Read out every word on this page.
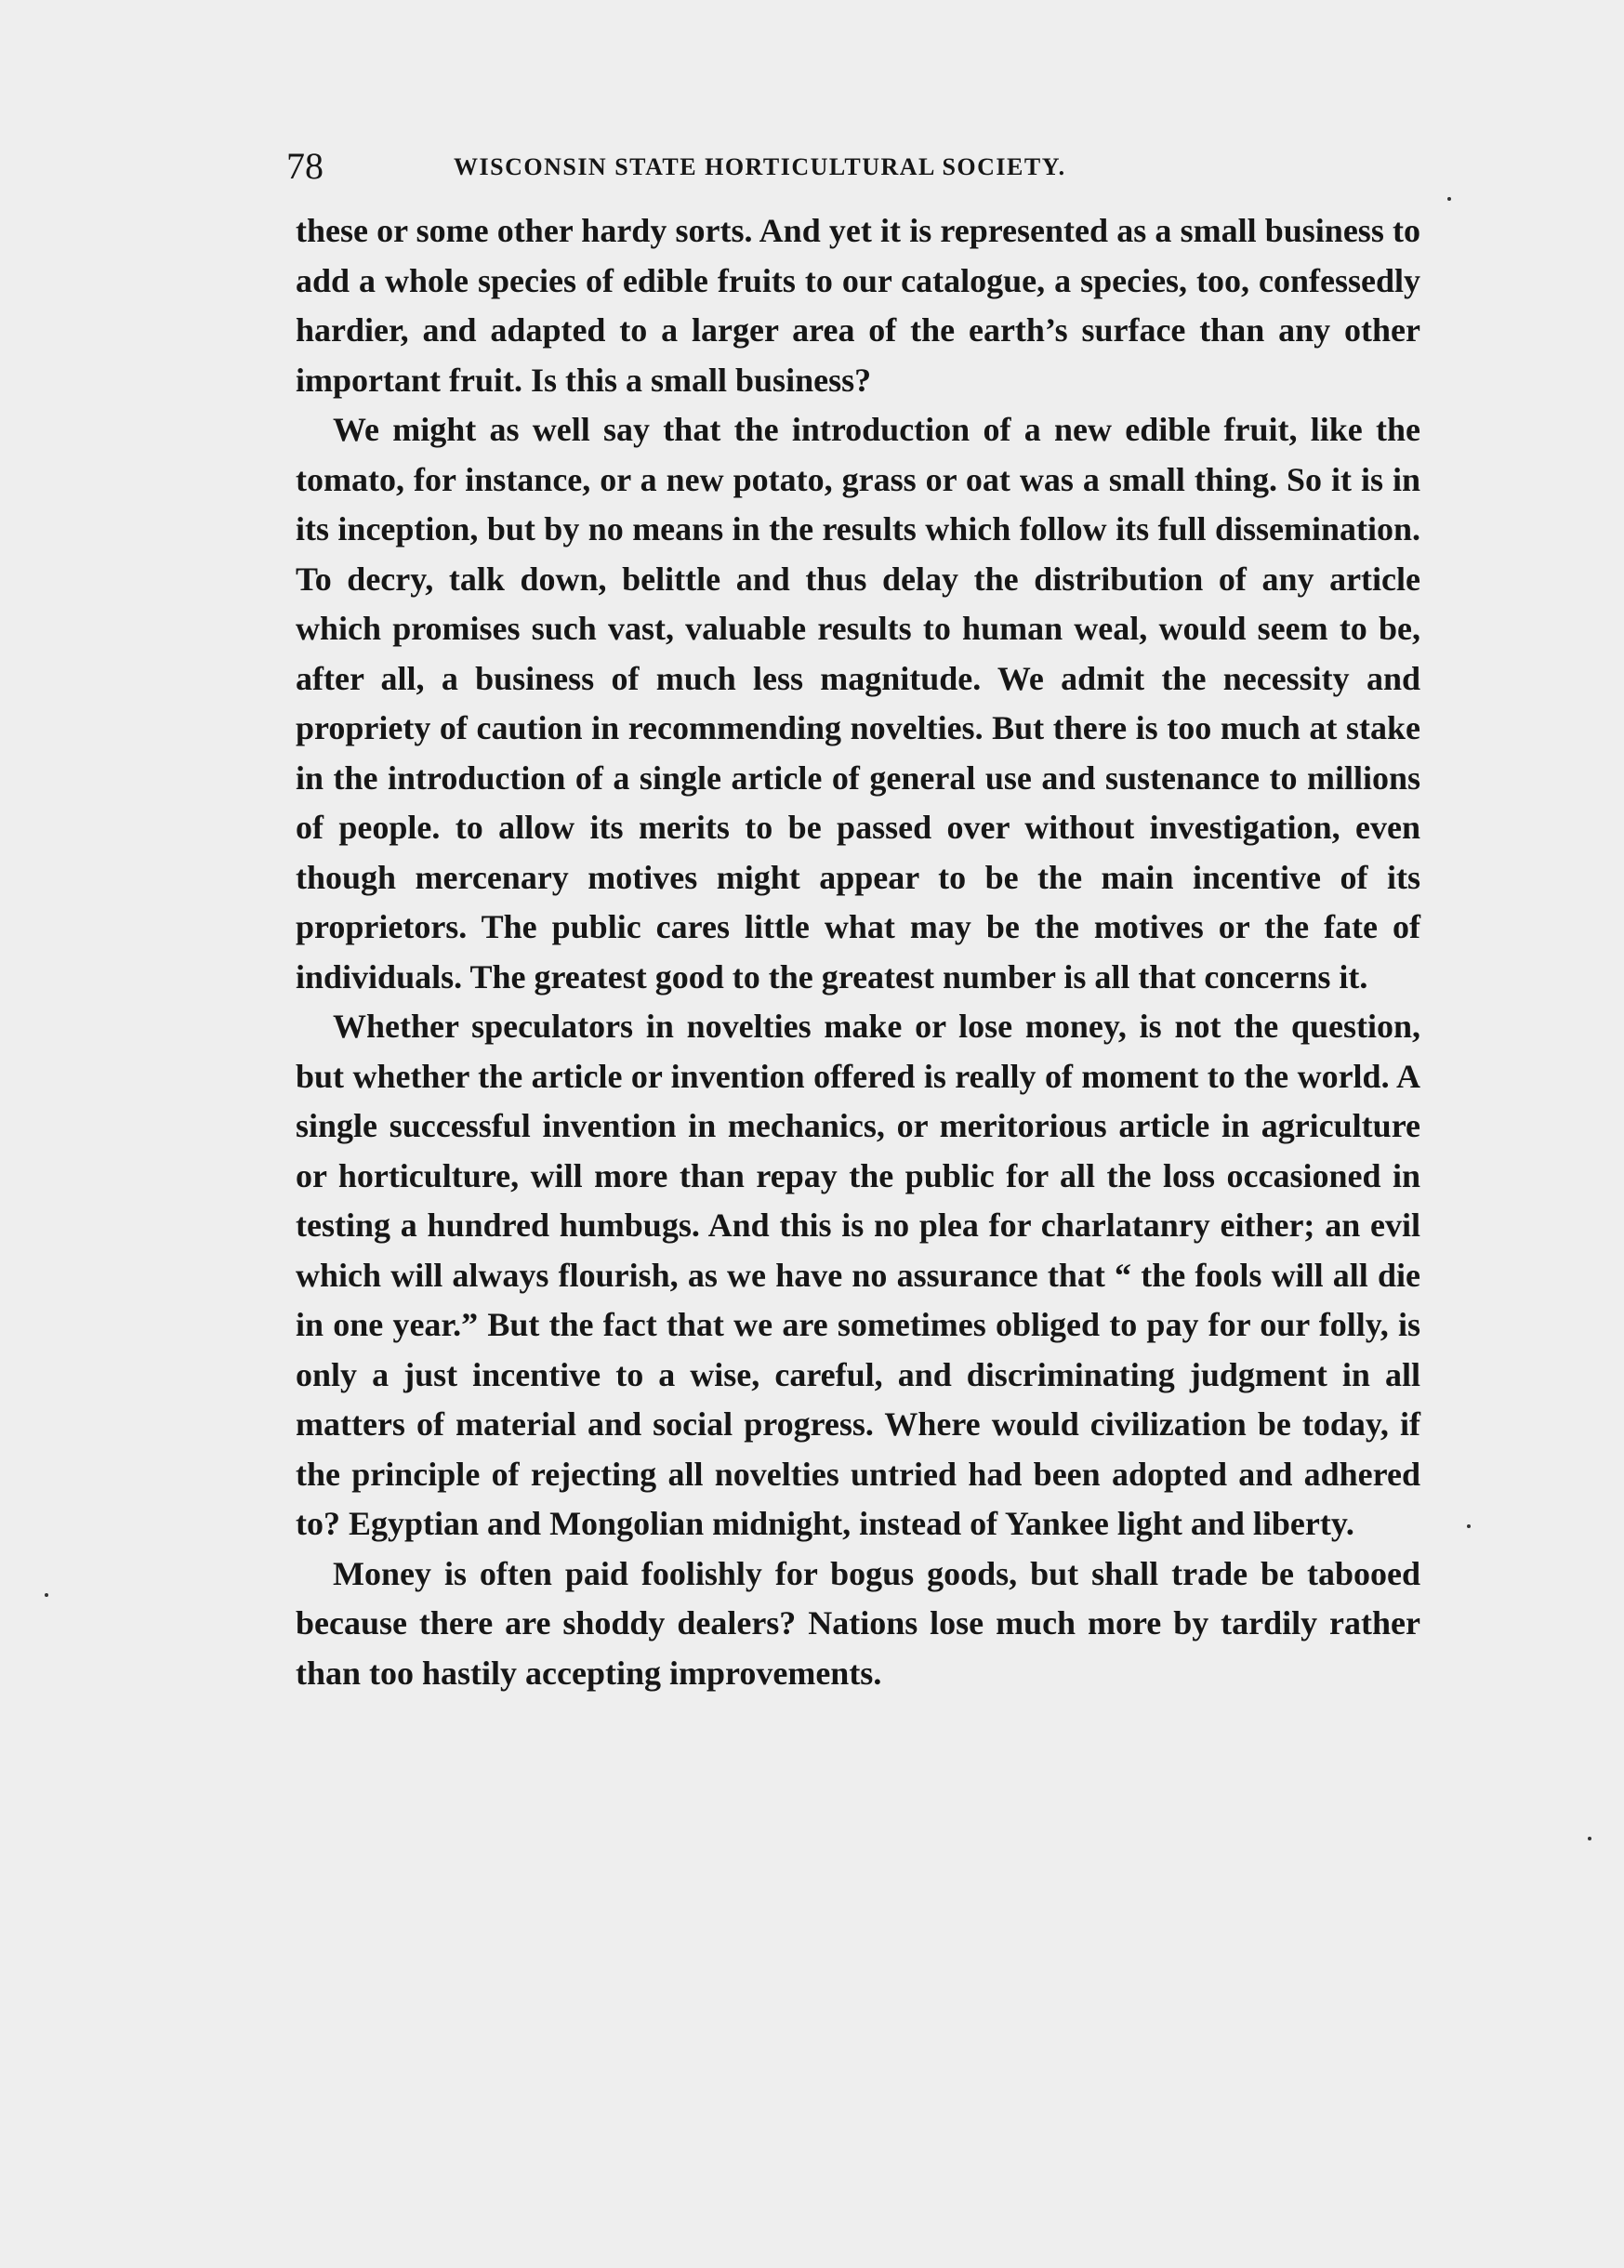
78	WISCONSIN STATE HORTICULTURAL SOCIETY.

these or some other hardy sorts. And yet it is represented as a small business to add a whole species of edible fruits to our catalogue, a species, too, confessedly hardier, and adapted to a larger area of the earth’s surface than any other important fruit. Is this a small business?

We might as well say that the introduction of a new edible fruit, like the tomato, for instance, or a new potato, grass or oat was a small thing. So it is in its inception, but by no means in the results which follow its full dissemination. To decry, talk down, belittle and thus delay the distribution of any article which promises such vast, valuable results to human weal, would seem to be, after all, a business of much less magnitude. We admit the necessity and propriety of caution in recommending novelties. But there is too much at stake in the introduction of a single article of general use and sustenance to millions of people. to allow its merits to be passed over without investigation, even though mercenary motives might appear to be the main incentive of its proprietors. The public cares little what may be the motives or the fate of individuals. The greatest good to the greatest number is all that concerns it.

Whether speculators in novelties make or lose money, is not the question, but whether the article or invention offered is really of moment to the world. A single successful invention in mechanics, or meritorious article in agriculture or horticulture, will more than repay the public for all the loss occasioned in testing a hundred humbugs. And this is no plea for charlatanry either; an evil which will always flourish, as we have no assurance that “ the fools will all die in one year.” But the fact that we are sometimes obliged to pay for our folly, is only a just incentive to a wise, careful, and discriminating judgment in all matters of material and social progress. Where would civilization be today, if the principle of rejecting all novelties untried had been adopted and adhered to? Egyptian and Mongolian midnight, instead of Yankee light and liberty.

Money is often paid foolishly for bogus goods, but shall trade be tabooed because there are shoddy dealers? Nations lose much more by tardily rather than too hastily accepting improvements.
